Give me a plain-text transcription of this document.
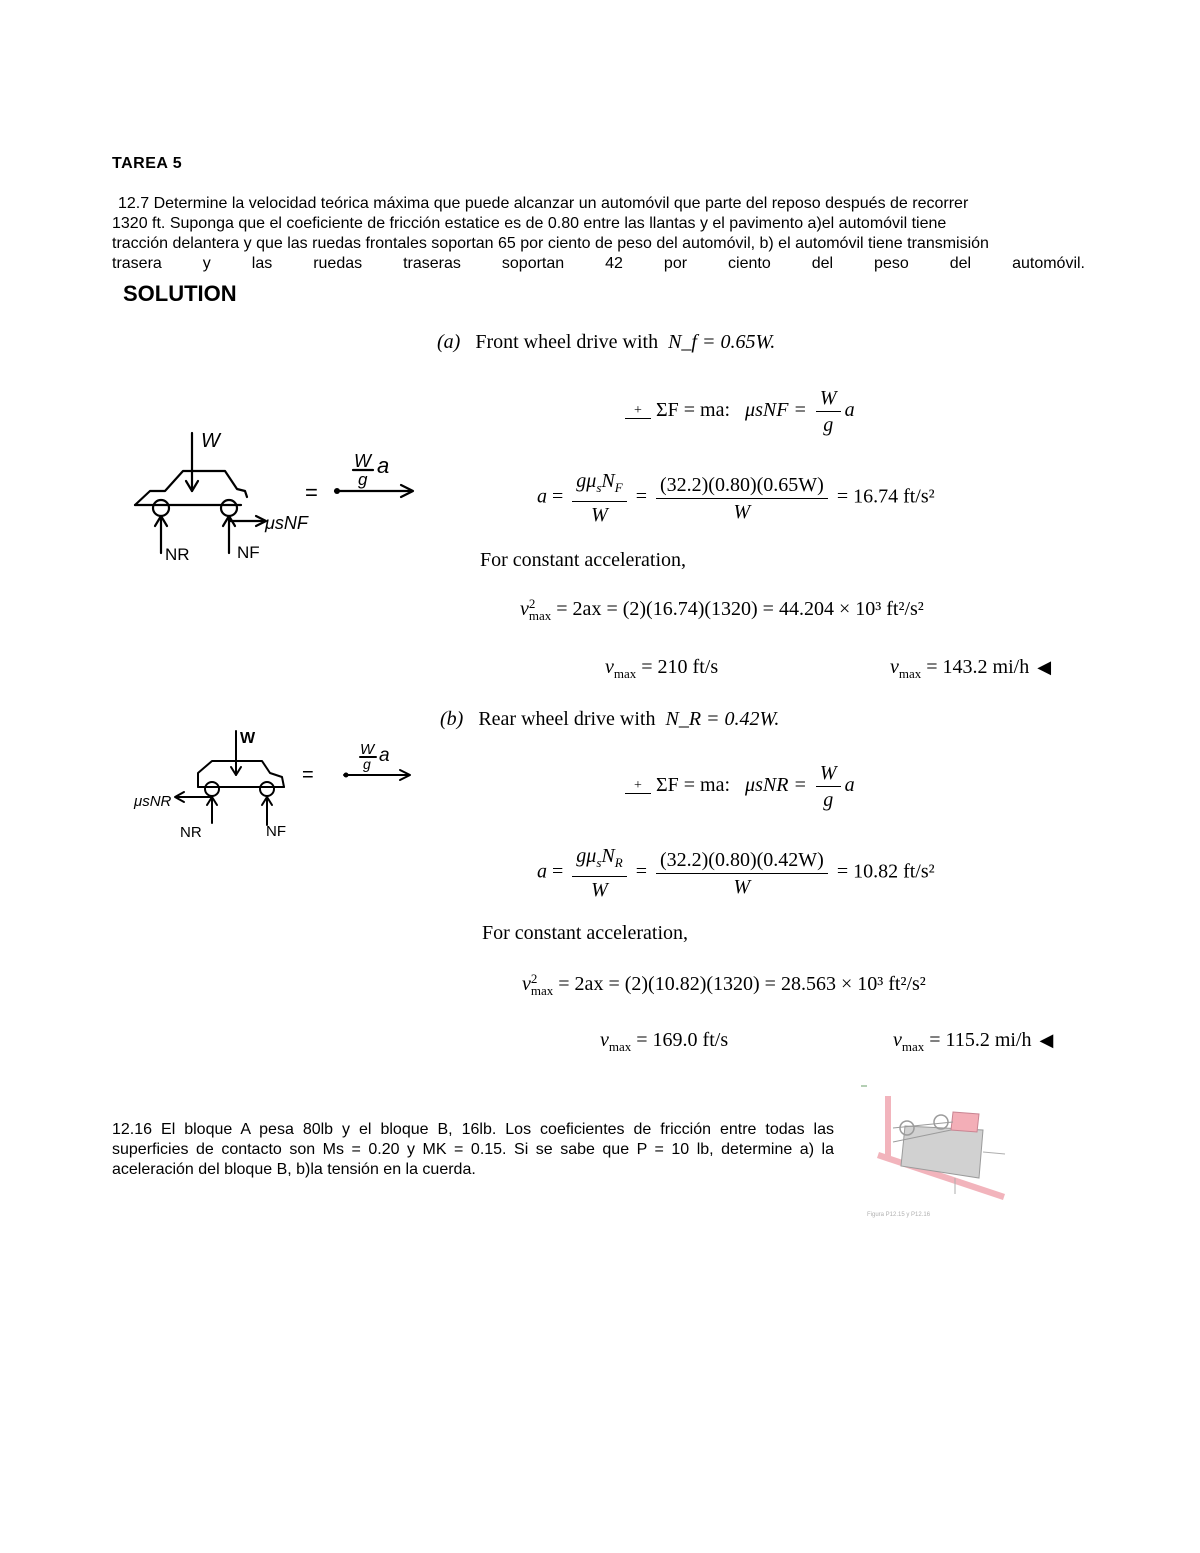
TAREA 5
12.7 Determine la velocidad teórica máxima que puede alcanzar un automóvil que parte del reposo después de recorrer
1320 ft. Suponga que el coeficiente de fricción estatice es de 0.80 entre las llantas y el pavimento a)el automóvil tiene
tracción delantera y que las ruedas frontales soportan 65 por ciento de peso del automóvil, b) el automóvil tiene transmisión
trasera y las ruedas traseras soportan 42 por ciento del peso del automóvil.
SOLUTION
(a) Front wheel drive with N_f = 0.65W.
+ ΣF = ma: $\mu sNF = \frac{W}{g}$ a
$a = \frac{g\mu_sN_F}{W} = \frac{(32.2)(0.80)(0.65W)}{W} = 16.74$ ft/s²
For constant acceleration,
v 2
max = 2ax = (2)(16.74)(1320) = 44.204 × 10³ ft²/s²
$v_{max} = 210$ ft/s	$v_{max} = 143.2$ mi/h ◀
(b) Rear wheel drive with N_R = 0.42W.
+ ΣF = ma: $\mu sNR = \frac{W}{g}$ a
$a = \frac{g\mu_sN_R}{W} = \frac{(32.2)(0.80)(0.42W)}{W} = 10.82$ ft/s²
For constant acceleration,
v 2
max = 2ax = (2)(10.82)(1320) = 28.563 × 10³ ft²/s²
$v_{max} = 169.0$ ft/s	$v_{max} = 115.2$ mi/h ◀
W
NR	NF
μsNF
=
W
g
a
W
NR	NF
μsNR
=
W
g a
12.16 El bloque A pesa 80lb y el bloque B, 16lb. Los coeficientes de fricción entre todas las superficies de contacto son Ms = 0.20 y MK = 0.15. Si se sabe que P = 10 lb, determine a) la aceleración del bloque B, b)la tensión en la cuerda.
Figura P12.15 y P12.16
